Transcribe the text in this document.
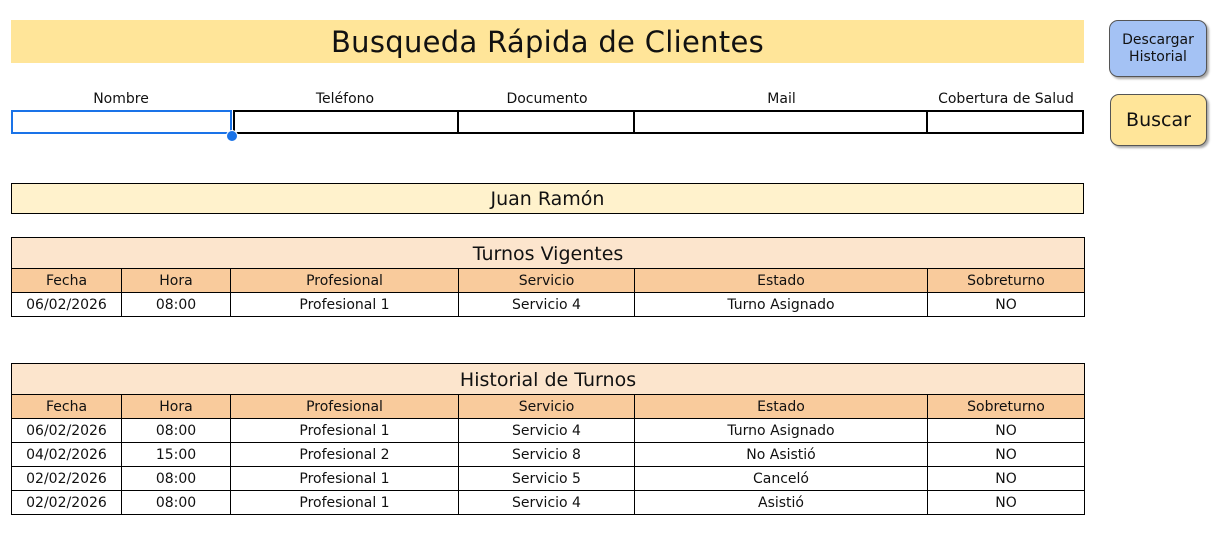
Busqueda Rápida de Clientes	Descargar
Historial
Buscar
Nombre	Teléfono	Documento	Mail	Cobertura de Salud
Juan Ramón
Turnos Vigentes					
Fecha	Hora	Profesional	Servicio	Estado	Sobreturno
06/02/2026	08:00	Profesional 1	Servicio 4	Turno Asignado	NO
Historial de Turnos					
Fecha	Hora	Profesional	Servicio	Estado	Sobreturno
06/02/2026	08:00	Profesional 1	Servicio 4	Turno Asignado	NO
04/02/2026	15:00	Profesional 2	Servicio 8	No Asistió	NO
02/02/2026	08:00	Profesional 1	Servicio 5	Canceló	NO
02/02/2026	08:00	Profesional 1	Servicio 4	Asistió	NO
